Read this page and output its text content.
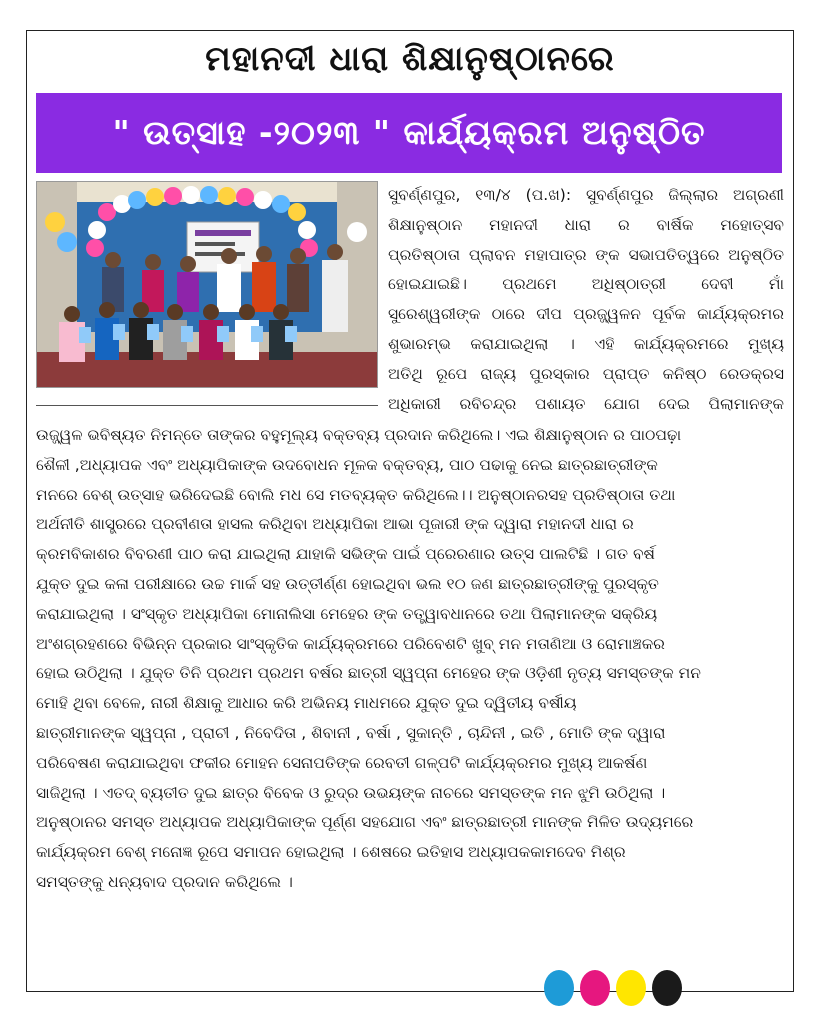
ମହାନଦୀ ଧାରା ଶିକ୍ଷାନୁଷ୍ଠାନରେ
" ଉତ୍ସାହ -୨୦୨୩ " କାର୍ଯ୍ୟକ୍ରମ ଅନୁଷ୍ଠିତ
ସୁବର୍ଣ୍ଣପୁର, ୧୩/୪ (ପ.ଖ): ସୁବର୍ଣ୍ଣପୁର ଜିଲ୍ଲାର ଅଗ୍ରଣୀ
ଶିକ୍ଷାନୁଷ୍ଠାନ ମହାନଦୀ ଧାରା ର ବାର୍ଷିକ ମହୋତ୍ସବ
ପ୍ରତିଷ୍ଠାତା ପ୍ଲାବନ ମହାପାତ୍ର ଙ୍କ ସଭାପତିତ୍ୱରେ ଅନୁଷ୍ଠିତ
ହୋଇଯାଇଛି। ପ୍ରଥମେ ଅଧିଷ୍ଠାତ୍ରୀ ଦେବୀ ମାଁ
ସୁରେଶ୍ୱରୀଙ୍କ ଠାରେ ଦୀପ ପ୍ରଜ୍ଜ୍ୱଳନ ପୂର୍ବକ କାର୍ଯ୍ୟକ୍ରମର
ଶୁଭାରମ୍ଭ କରାଯାଇଥିଲା । ଏହି କାର୍ଯ୍ୟକ୍ରମରେ ମୁଖ୍ୟ
ଅତିଥି ରୂପେ ରାଜ୍ୟ ପୁରସ୍କାର ପ୍ରାପ୍ତ କନିଷ୍ଠ ରେଡକ୍ରସ
ଅଧିକାରୀ ରବିଚନ୍ଦ୍ର ପଶାୟତ ଯୋଗ ଦେଇ ପିଲାମାନଙ୍କ
ଉଜ୍ଜ୍ୱଳ ଭବିଷ୍ୟତ ନିମନ୍ତେ ତାଙ୍କର ବହୁମୂଲ୍ୟ ବକ୍ତବ୍ୟ ପ୍ରଦାନ କରିଥିଲେ। ଏଇ ଶିକ୍ଷାନୁଷ୍ଠାନ ର ପାଠପଢ଼ା
ଶୈଳୀ ,ଅଧ୍ୟାପକ ଏବଂ ଅଧ୍ୟାପିକାଙ୍କ ଉଦବୋଧନ ମୂଳକ ବକ୍ତବ୍ୟ, ପାଠ ପଢାକୁ ନେଇ ଛାତ୍ରଛାତ୍ରୀଙ୍କ
ମନରେ ବେଶ୍ ଉତ୍ସାହ ଭରିଦେଇଛି ବୋଲି ମଧ ସେ ମତବ୍ୟକ୍ତ କରିଥିଲେ।। ଅନୁଷ୍ଠାନରସହ ପ୍ରତିଷ୍ଠାତା ତଥା
ଅର୍ଥନୀତି ଶାସ୍ତ୍ରରେ ପ୍ରବୀଣତା ହାସଲ କରିଥିବା ଅଧ୍ୟାପିକା ଆଭା ପୂଜାରୀ ଙ୍କ ଦ୍ୱାରା ମହାନଦୀ ଧାରା ର
କ୍ରମବିକାଶର ବିବରଣୀ ପାଠ କରା ଯାଇଥିଲା ଯାହାକି ସଭିଙ୍କ ପାଇଁ ପ୍ରେରଣାର ଉତ୍ସ ପାଲଟିଛି । ଗତ ବର୍ଷ
ଯୁକ୍ତ ଦୁଇ କଳା ପରୀକ୍ଷାରେ ଉଚ୍ଚ ମାର୍କ ସହ ଉତ୍ତୀର୍ଣ୍ଣ ହୋଇଥିବା ଭଲ ୧୦ ଜଣ ଛାତ୍ରଛାତ୍ରୀଙ୍କୁ ପୁରସ୍କୃତ
କରାଯାଇଥିଲା । ସଂସ୍କୃତ ଅଧ୍ୟାପିକା ମୋନାଲିସା ମେହେର ଙ୍କ ତତ୍ତ୍ୱାବଧାନରେ ତଥା ପିଲାମାନଙ୍କ ସକ୍ରିୟ
ଅଂଶଗ୍ରହଣରେ ବିଭିନ୍ନ ପ୍ରକାର ସାଂସ୍କୃତିକ କାର୍ଯ୍ୟକ୍ରମରେ ପରିବେଶଟି ଖୁବ୍ ମନ ମତାଣିଆ ଓ ରୋମାଞ୍ଚକର
ହୋଇ ଉଠିଥିଲା । ଯୁକ୍ତ ତିନି ପ୍ରଥମ ପ୍ରଥମ ବର୍ଷର ଛାତ୍ରୀ ସ୍ୱପ୍ନା ମେହେର ଙ୍କ ଓଡ଼ିଶୀ ନୃତ୍ୟ ସମସ୍ତଙ୍କ ମନ
ମୋହି ଥିବା ବେଳେ, ନାରୀ ଶିକ୍ଷାକୁ ଆଧାର କରି ଅଭିନୟ ମାଧମରେ ଯୁକ୍ତ ଦୁଇ ଦ୍ୱିତୀୟ ବର୍ଷୀୟ
ଛାତ୍ରୀମାନଙ୍କ ସ୍ୱପ୍ନା , ପ୍ରାଚୀ , ନିବେଦିତା , ଶିବାନୀ , ବର୍ଷା , ସୁକାନ୍ତି , ଚାନ୍ଦିନୀ , ଇତି , ମୋତି ଙ୍କ ଦ୍ୱାରା
ପରିବେଷଣ କରାଯାଇଥିବା ଫକୀର ମୋହନ ସେନାପତିଙ୍କ ରେବତୀ ଗଳ୍ପଟି କାର୍ଯ୍ୟକ୍ରମର ମୁଖ୍ୟ ଆକର୍ଷଣ
ସାଜିଥିଲା । ଏତଦ୍ ବ୍ୟତୀତ ଦୁଇ ଛାତ୍ର ବିବେକ ଓ ରୁଦ୍ର ଉଭୟଙ୍କ ନାଚରେ ସମସ୍ତଙ୍କ ମନ ଝୁମି ଉଠିଥିଲା ।
ଅନୁଷ୍ଠାନର ସମସ୍ତ ଅଧ୍ୟାପକ ଅଧ୍ୟାପିକାଙ୍କ ପୂର୍ଣ୍ଣ ସହଯୋଗ ଏବଂ ଛାତ୍ରଛାତ୍ରୀ ମାନଙ୍କ ମିଳିତ ଉଦ୍ୟମରେ
କାର୍ଯ୍ୟକ୍ରମ ବେଶ୍ ମନୋଜ୍ଞ ରୂପେ ସମାପନ ହୋଇଥିଲା । ଶେଷରେ ଇତିହାସ ଅଧ୍ୟାପକକାମଦେବ ମିଶ୍ର
ସମସ୍ତଙ୍କୁ ଧନ୍ୟବାଦ ପ୍ରଦାନ କରିଥିଲେ ।
